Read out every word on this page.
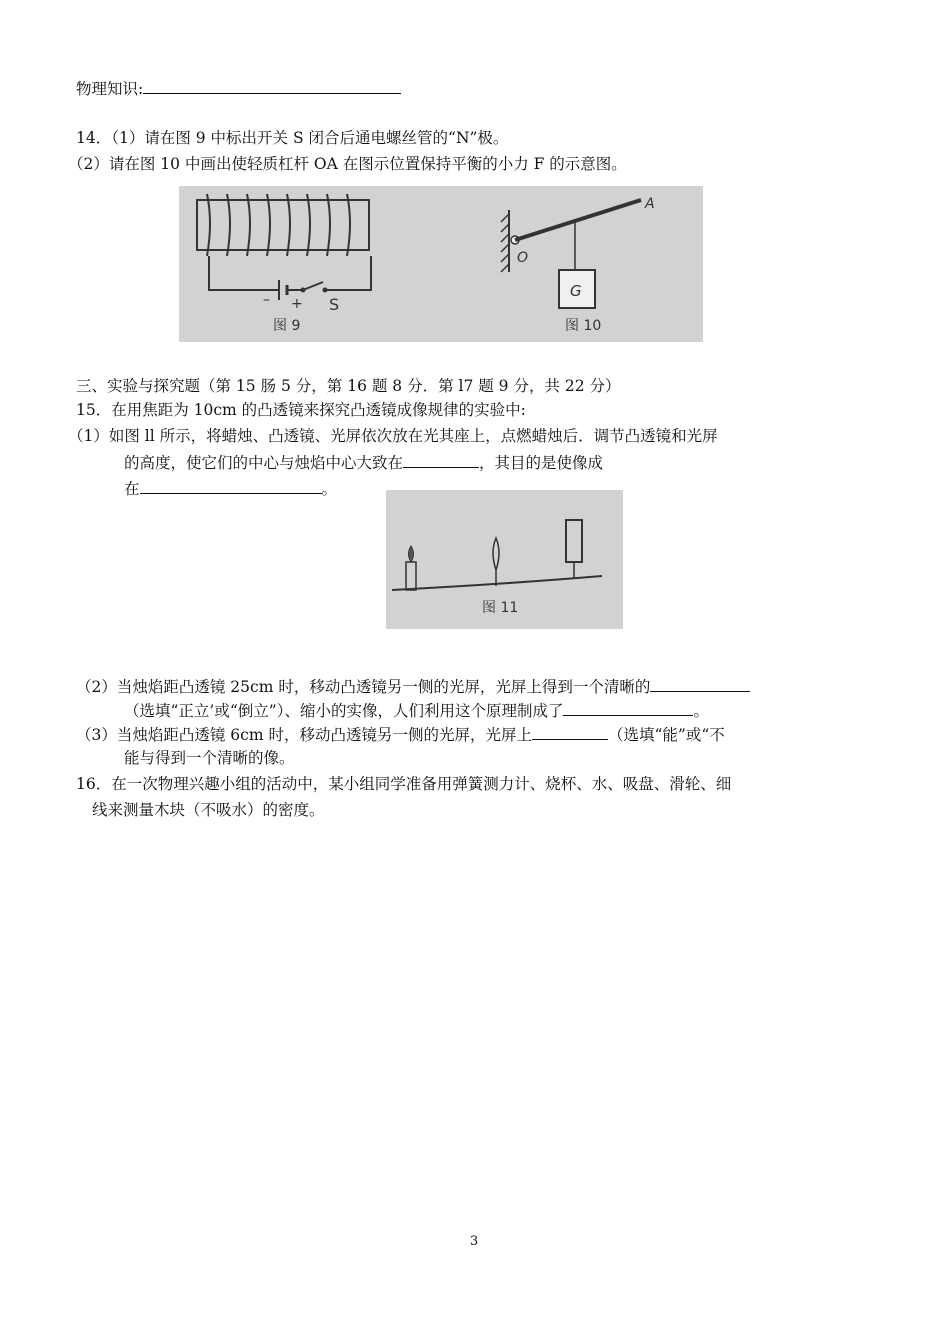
物理知识:
14．（1）请在图 9 中标出开关 S 闭合后通电螺丝管的“N”极。
（2）请在图 10 中画出使轻质杠杆 OA 在图示位置保持平衡的小力 F 的示意图。
– + S
图 9
G
O
A
图 10
三、实验与探究题（第 15 肠 5 分，第 16 题 8 分．第 l7 题 9 分，共 22 分）
15．在用焦距为 10cm 的凸透镜来探究凸透镜成像规律的实验中:
（1）如图 ll 所示，将蜡烛、凸透镜、光屏依次放在光其座上，点燃蜡烛后．调节凸透镜和光屏
的高度，使它们的中心与烛焰中心大致在	，其目的是使像成
在	。
图 11
（2）当烛焰距凸透镜 25cm 时，移动凸透镜另一侧的光屏，光屏上得到一个清晰的
（选填“正立’或“倒立”）、缩小的实像，人们利用这个原理制成了	。
（3）当烛焰距凸透镜 6cm 时，移动凸透镜另一侧的光屏，光屏上	（选填“能”或“不
能与得到一个清晰的像。
16．在一次物理兴趣小组的活动中，某小组同学准备用弹簧测力计、烧杯、水、吸盘、滑轮、细
线来测量木块（不吸水）的密度。
3
